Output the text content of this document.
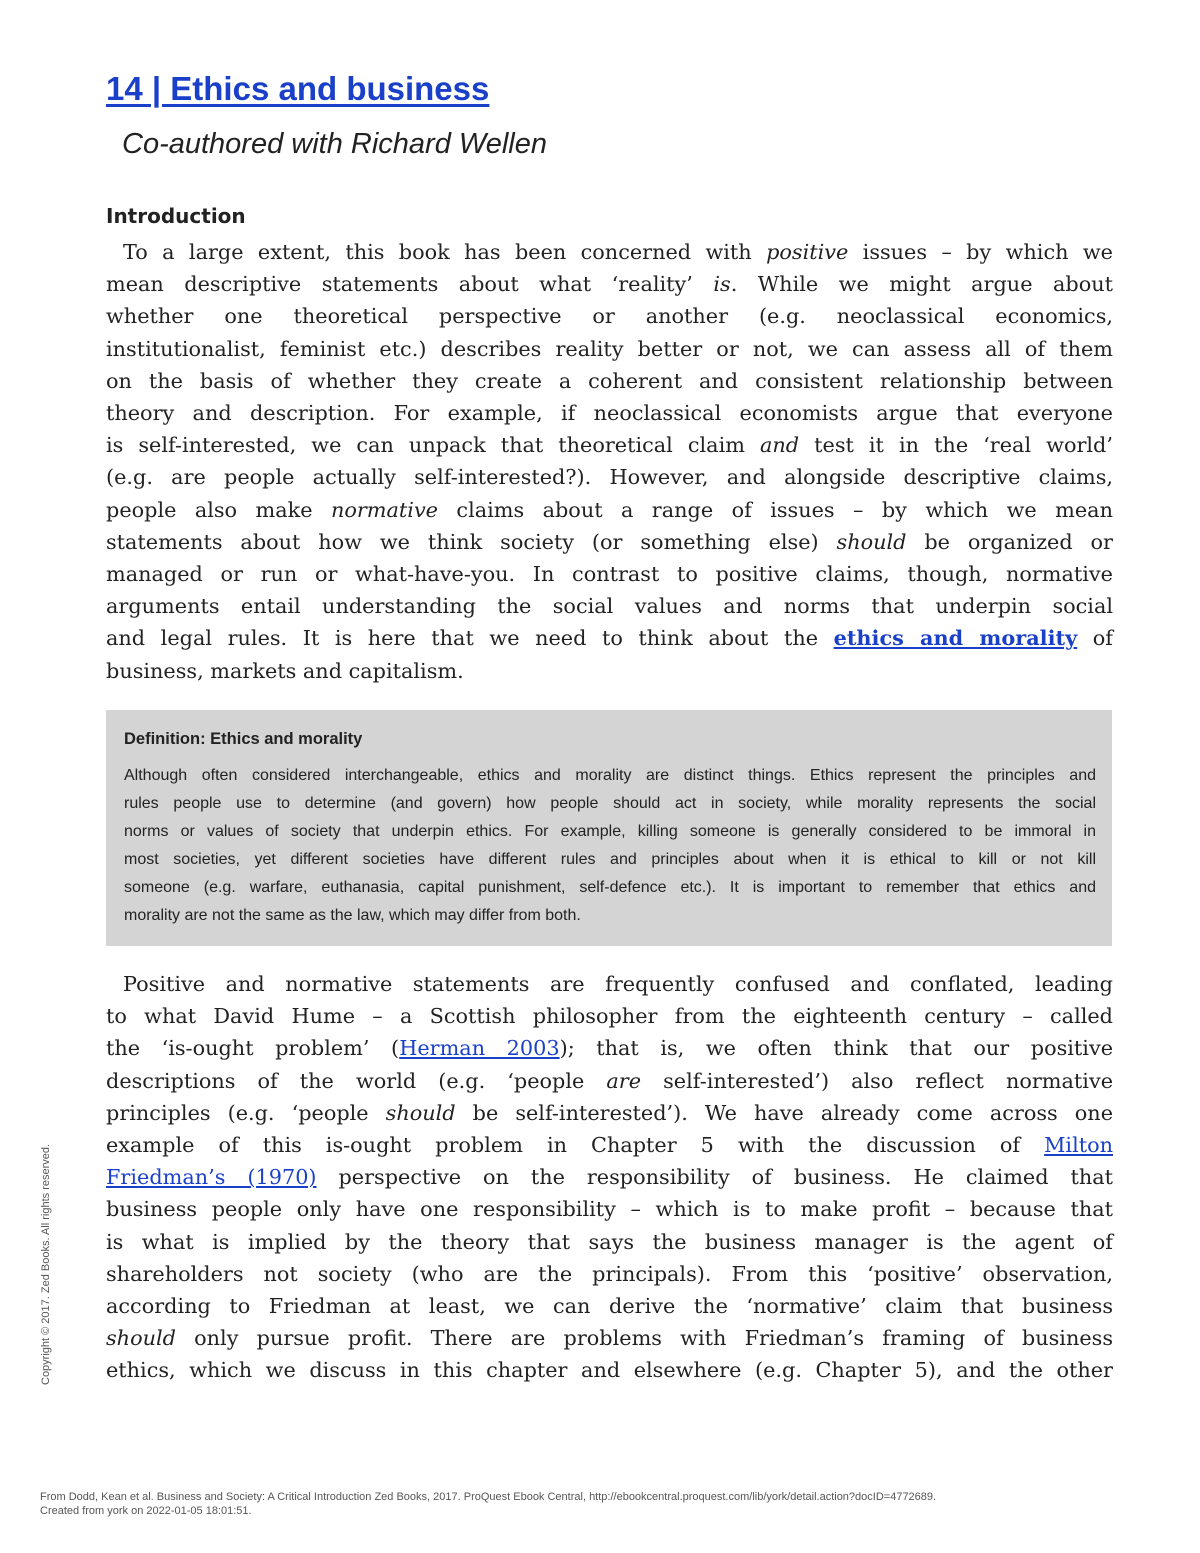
14 | Ethics and business

Co-authored with Richard Wellen

Introduction
To a large extent, this book has been concerned with positive issues – by which we
mean descriptive statements about what ‘reality’ is. While we might argue about
whether one theoretical perspective or another (e.g. neoclassical economics,
institutionalist, feminist etc.) describes reality better or not, we can assess all of them
on the basis of whether they create a coherent and consistent relationship between
theory and description. For example, if neoclassical economists argue that everyone
is self-interested, we can unpack that theoretical claim and test it in the ‘real world’
(e.g. are people actually self-interested?). However, and alongside descriptive claims,
people also make normative claims about a range of issues – by which we mean
statements about how we think society (or something else) should be organized or
managed or run or what-have-you. In contrast to positive claims, though, normative
arguments entail understanding the social values and norms that underpin social
and legal rules. It is here that we need to think about the ethics and morality of
business, markets and capitalism.

Definition: Ethics and morality

Although often considered interchangeable, ethics and morality are distinct things. Ethics represent the principles and
rules people use to determine (and govern) how people should act in society, while morality represents the social
norms or values of society that underpin ethics. For example, killing someone is generally considered to be immoral in
most societies, yet different societies have different rules and principles about when it is ethical to kill or not kill
someone (e.g. warfare, euthanasia, capital punishment, self-defence etc.). It is important to remember that ethics and
morality are not the same as the law, which may differ from both.
Positive and normative statements are frequently confused and conflated, leading
to what David Hume – a Scottish philosopher from the eighteenth century – called
the ‘is-ought problem’ (Herman 2003); that is, we often think that our positive
descriptions of the world (e.g. ‘people are self-interested’) also reflect normative
principles (e.g. ‘people should be self-interested’). We have already come across one
example of this is-ought problem in Chapter 5 with the discussion of Milton
Friedman’s (1970) perspective on the responsibility of business. He claimed that
business people only have one responsibility – which is to make profit – because that
is what is implied by the theory that says the business manager is the agent of
shareholders not society (who are the principals). From this ‘positive’ observation,
according to Friedman at least, we can derive the ‘normative’ claim that business
should only pursue profit. There are problems with Friedman’s framing of business
ethics, which we discuss in this chapter and elsewhere (e.g. Chapter 5), and the other

Copyright © 2017. Zed Books. All rights reserved.

From Dodd, Kean et al. Business and Society: A Critical Introduction Zed Books, 2017. ProQuest Ebook Central, http://ebookcentral.proquest.com/lib/york/detail.action?docID=4772689.
Created from york on 2022-01-05 18:01:51.
